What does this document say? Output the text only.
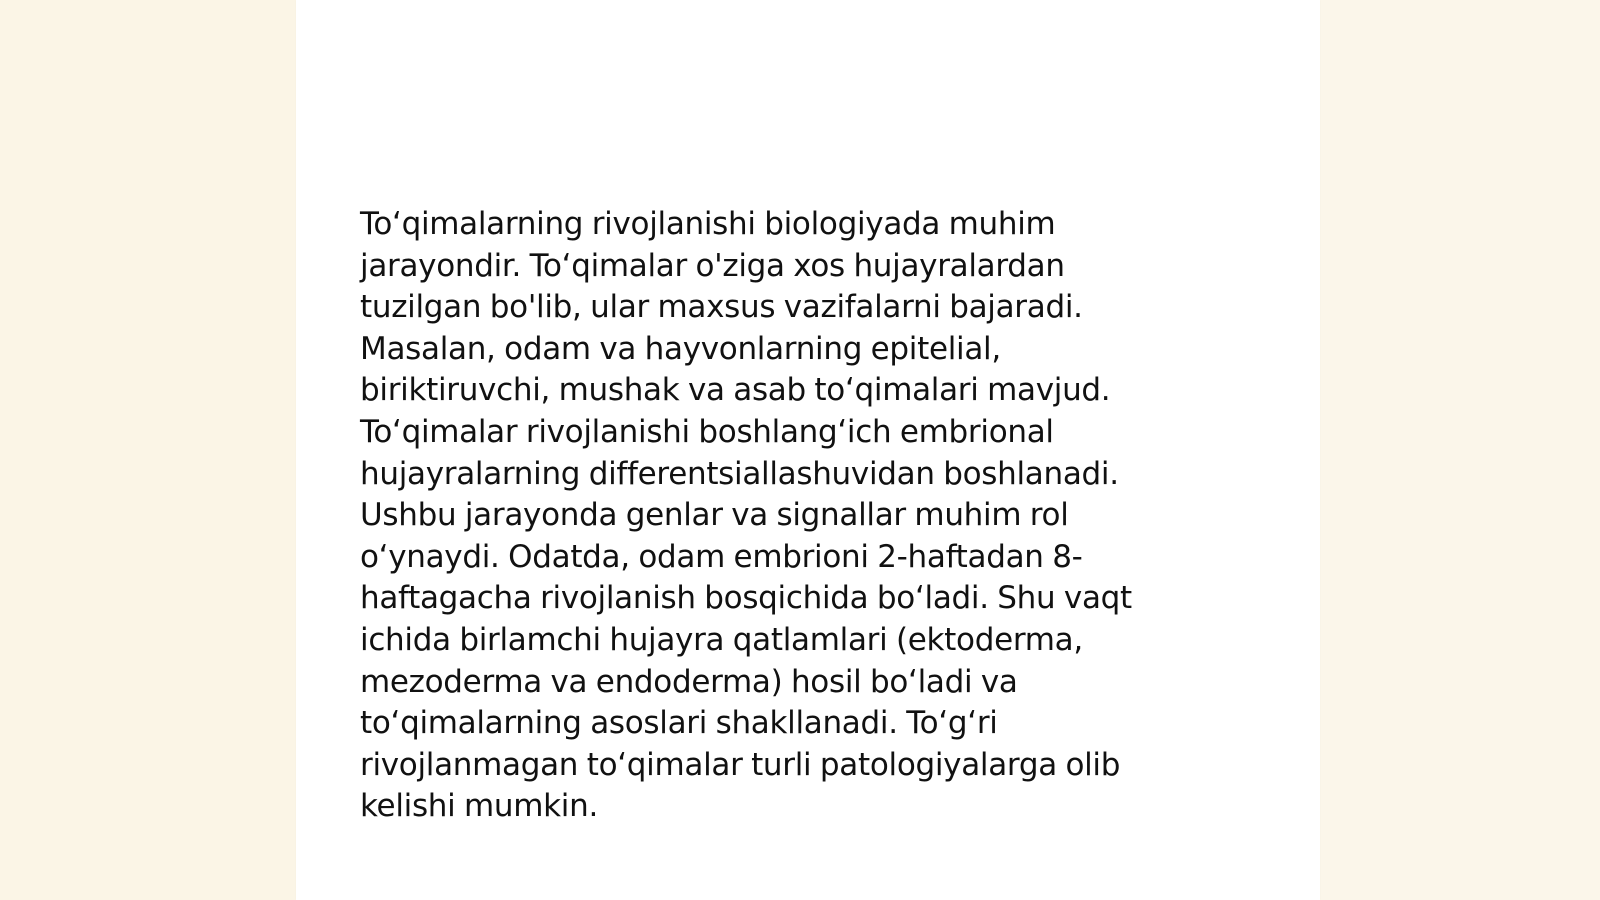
To‘qimalarning rivojlanishi biologiyada muhim
jarayondir. To‘qimalar o'ziga xos hujayralardan
tuzilgan bo'lib, ular maxsus vazifalarni bajaradi.
Masalan, odam va hayvonlarning epitelial,
biriktiruvchi, mushak va asab to‘qimalari mavjud.
To‘qimalar rivojlanishi boshlang‘ich embrional
hujayralarning differentsiallashuvidan boshlanadi.
Ushbu jarayonda genlar va signallar muhim rol
o‘ynaydi. Odatda, odam embrioni 2-haftadan 8-
haftagacha rivojlanish bosqichida bo‘ladi. Shu vaqt
ichida birlamchi hujayra qatlamlari (ektoderma,
mezoderma va endoderma) hosil bo‘ladi va
to‘qimalarning asoslari shakllanadi. To‘g‘ri
rivojlanmagan to‘qimalar turli patologiyalarga olib
kelishi mumkin.
